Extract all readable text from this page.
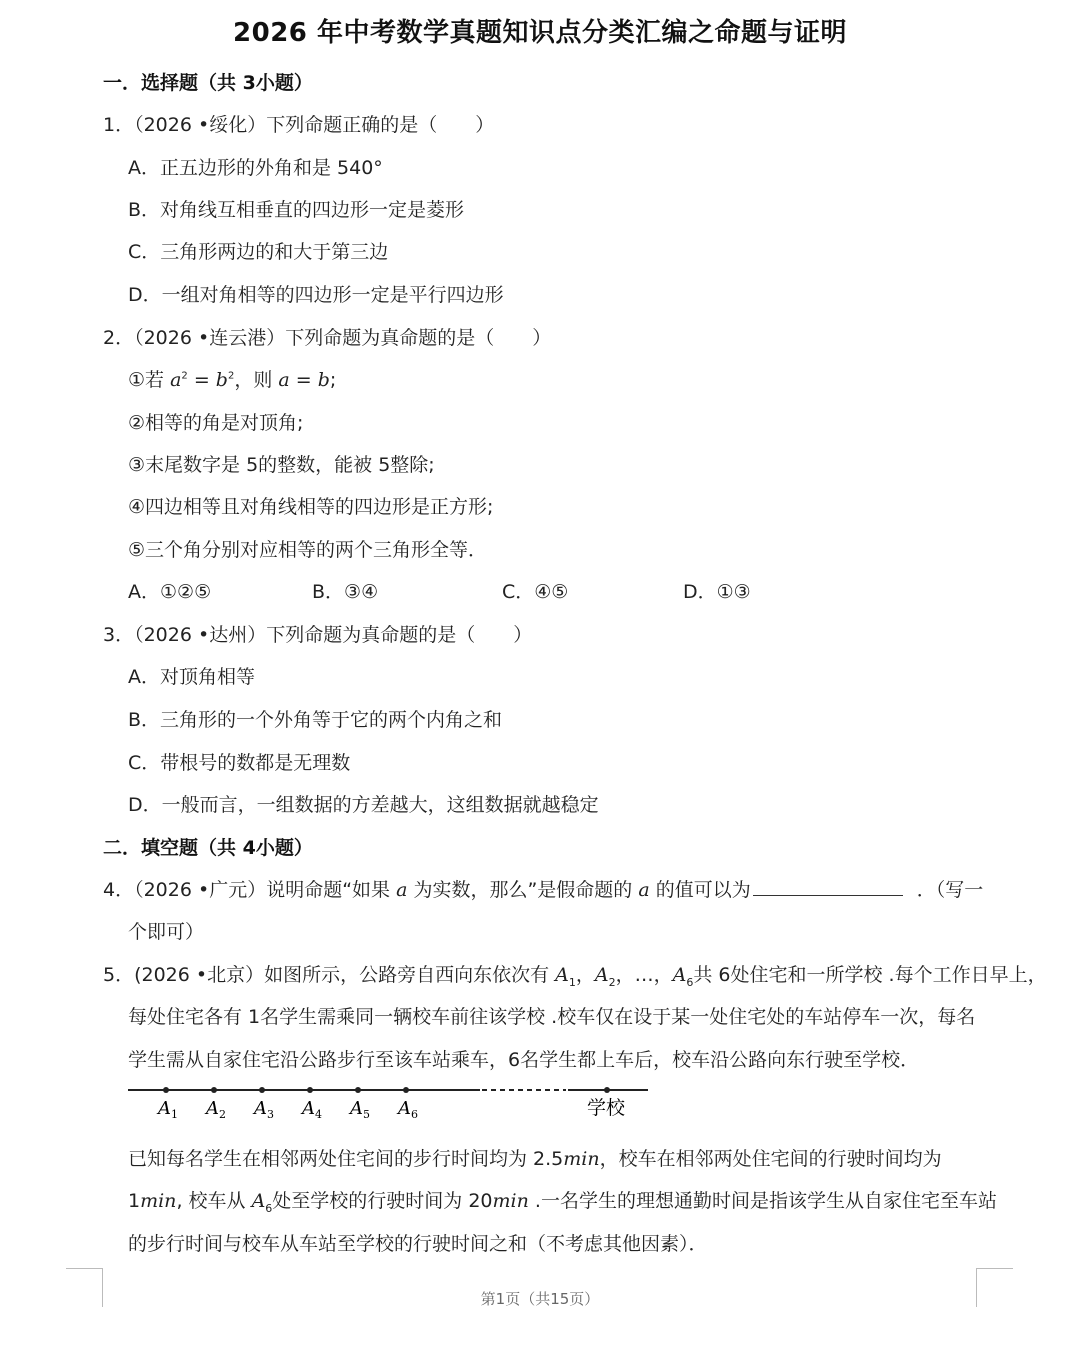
2026 年中考数学真题知识点分类汇编之命题与证明
一．选择题（共 3小题）
1．（2026 •绥化）下列命题正确的是（　　）
A．正五边形的外角和是 540°
B．对角线互相垂直的四边形一定是菱形
C．三角形两边的和大于第三边
D．一组对角相等的四边形一定是平行四边形
2．（2026 •连云港）下列命题为真命题的是（　　）
①若 $a^2 = b^2$，则 a = b;
②相等的角是对顶角;
③末尾数字是 5的整数，能被 5整除;
④四边相等且对角线相等的四边形是正方形;
⑤三个角分别对应相等的两个三角形全等．
A．①②⑤	B．③④	C．④⑤	D．①③
3．（2026 •达州）下列命题为真命题的是（　　）
A．对顶角相等
B．三角形的一个外角等于它的两个内角之和
C．带根号的数都是无理数
D．一般而言，一组数据的方差越大，这组数据就越稳定
二．填空题（共 4小题）
4．（2026 •广元）说明命题“如果 a 为实数，那么”是假命题的 a 的值可以为	．（写一
个即可）
5．(2026 •北京）如图所示，公路旁自西向东依次有 $A_1$，$A_2$，…，$A_6$共 6处住宅和一所学校 .每个工作日早上，
每处住宅各有 1名学生需乘同一辆校车前往该学校 .校车仅在设于某一处住宅处的车站停车一次，每名
学生需从自家住宅沿公路步行至该车站乘车，6名学生都上车后，校车沿公路向东行驶至学校．
$A_1$ $A_2$ $A_3$ $A_4$ $A_5$ $A_6$	学校
已知每名学生在相邻两处住宅间的步行时间均为 2.5min，校车在相邻两处住宅间的行驶时间均为
1min, 校车从 $A_6$处至学校的行驶时间为 20min .一名学生的理想通勤时间是指该学生从自家住宅至车站
的步行时间与校车从车站至学校的行驶时间之和（不考虑其他因素）．
第1页（共15页）
